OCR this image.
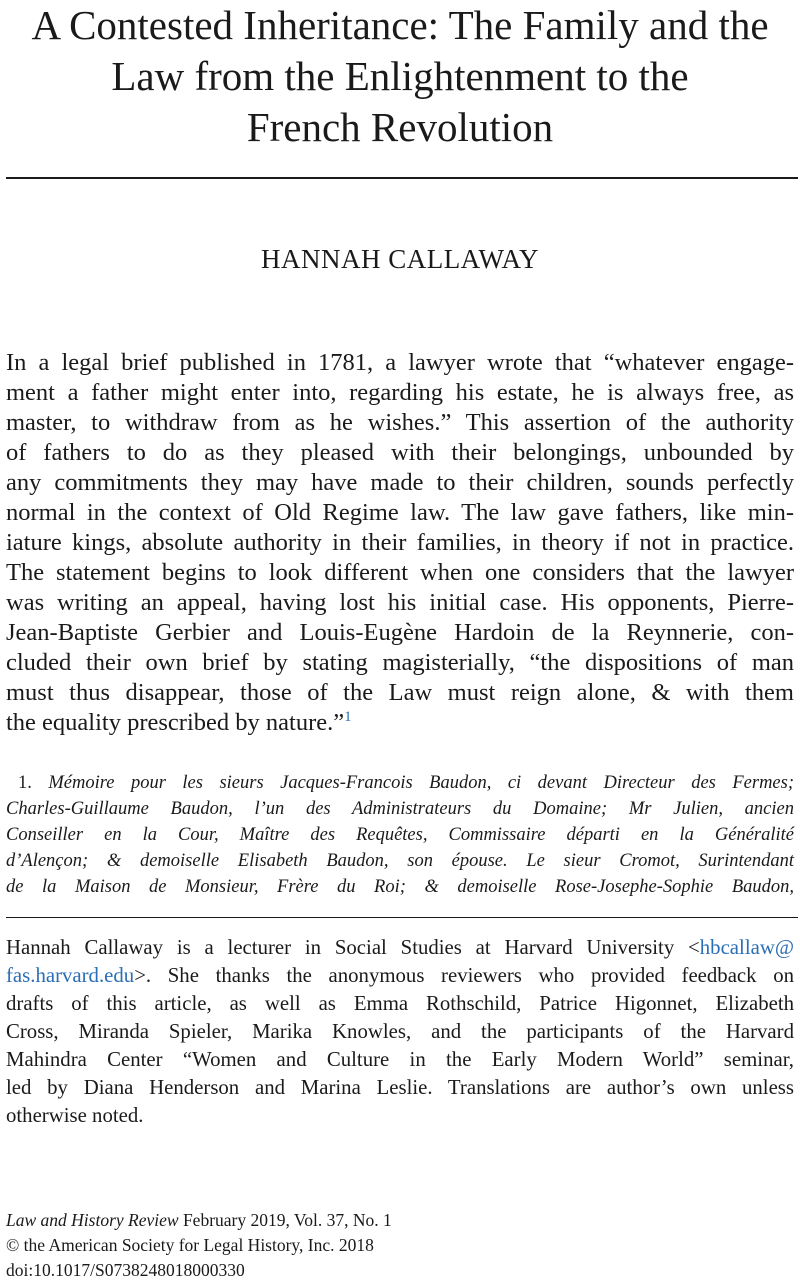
A Contested Inheritance: The Family and the
Law from the Enlightenment to the
French Revolution
HANNAH CALLAWAY
In a legal brief published in 1781, a lawyer wrote that “whatever engage-
ment a father might enter into, regarding his estate, he is always free, as
master, to withdraw from as he wishes.” This assertion of the authority
of fathers to do as they pleased with their belongings, unbounded by
any commitments they may have made to their children, sounds perfectly
normal in the context of Old Regime law. The law gave fathers, like min-
iature kings, absolute authority in their families, in theory if not in practice.
The statement begins to look different when one considers that the lawyer
was writing an appeal, having lost his initial case. His opponents, Pierre-
Jean-Baptiste Gerbier and Louis-Eugène Hardoin de la Reynnerie, con-
cluded their own brief by stating magisterially, “the dispositions of man
must thus disappear, those of the Law must reign alone, & with them
the equality prescribed by nature.”$^1$
1. Mémoire pour les sieurs Jacques-Francois Baudon, ci devant Directeur des Fermes;
Charles-Guillaume Baudon, l’un des Administrateurs du Domaine; Mr Julien, ancien
Conseiller en la Cour, Maître des Requêtes, Commissaire départi en la Généralité
d’Alençon; & demoiselle Elisabeth Baudon, son épouse. Le sieur Cromot, Surintendant
de la Maison de Monsieur, Frère du Roi; & demoiselle Rose-Josephe-Sophie Baudon,
Hannah Callaway is a lecturer in Social Studies at Harvard University <hbcallaw@
fas.harvard.edu>. She thanks the anonymous reviewers who provided feedback on
drafts of this article, as well as Emma Rothschild, Patrice Higonnet, Elizabeth
Cross, Miranda Spieler, Marika Knowles, and the participants of the Harvard
Mahindra Center “Women and Culture in the Early Modern World” seminar,
led by Diana Henderson and Marina Leslie. Translations are author’s own unless
otherwise noted.
Law and History Review February 2019, Vol. 37, No. 1
© the American Society for Legal History, Inc. 2018
doi:10.1017/S0738248018000330
